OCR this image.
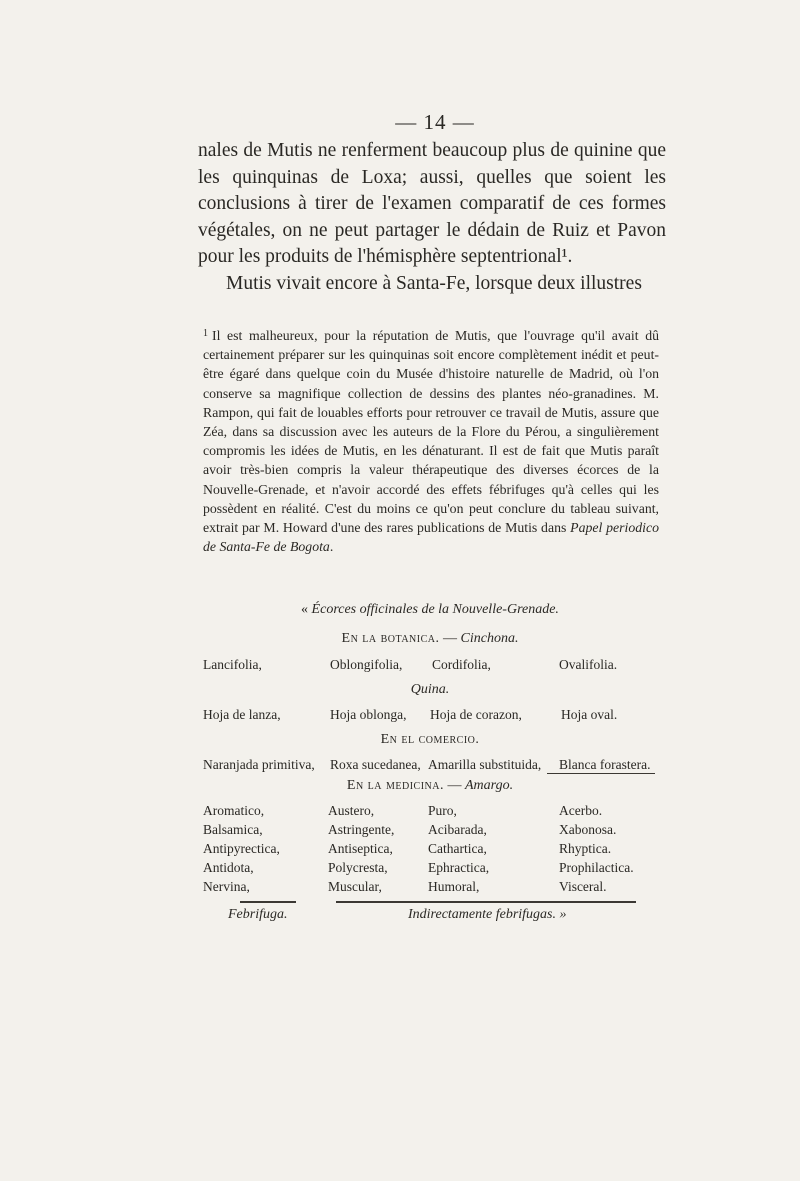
— 14 —

nales de Mutis ne renferment beaucoup plus de quinine que les quinquinas de Loxa; aussi, quelles que soient les conclusions à tirer de l'examen comparatif de ces formes végétales, on ne peut partager le dédain de Ruiz et Pavon pour les produits de l'hémisphère septentrional¹.

Mutis vivait encore à Santa-Fe, lorsque deux illustres

$^1$ Il est malheureux, pour la réputation de Mutis, que l'ouvrage qu'il avait dû certainement préparer sur les quinquinas soit encore complètement inédit et peut-être égaré dans quelque coin du Musée d'histoire naturelle de Madrid, où l'on conserve sa magnifique collection de dessins des plantes néo-granadines. M. Rampon, qui fait de louables efforts pour retrouver ce travail de Mutis, assure que Zéa, dans sa discussion avec les auteurs de la Flore du Pérou, a singulièrement compromis les idées de Mutis, en les dénaturant. Il est de fait que Mutis paraît avoir très-bien compris la valeur thérapeutique des diverses écorces de la Nouvelle-Grenade, et n'avoir accordé des effets fébrifuges qu'à celles qui les possèdent en réalité. C'est du moins ce qu'on peut conclure du tableau suivant, extrait par M. Howard d'une des rares publications de Mutis dans Papel periodico de Santa-Fe de Bogota.
« Écorces officinales de la Nouvelle-Grenade.
En la botanica. — Cinchona.
Lancifolia,	Oblongifolia, Cordifolia,	Ovalifolia.
Quina.
Hoja de lanza,	Hoja oblonga, Hoja de corazon,	Hoja oval.
En el comercio.
Naranjada primitiva, Roxa sucedanea, Amarilla substituida, Blanca forastera.
En la medicina. — Amargo.
Aromatico,	Austero,	Puro,	Acerbo.
Balsamica,	Astringente, Acibarada,	Xabonosa.
Antipyrectica,	Antiseptica,	Cathartica,	Rhyptica.
Antidota,	Polycresta,	Ephractica,	Prophilactica.
Nervina,	Muscular,	Humoral,	Visceral.
Febrifuga.	Indirectamente febrifugas. »
